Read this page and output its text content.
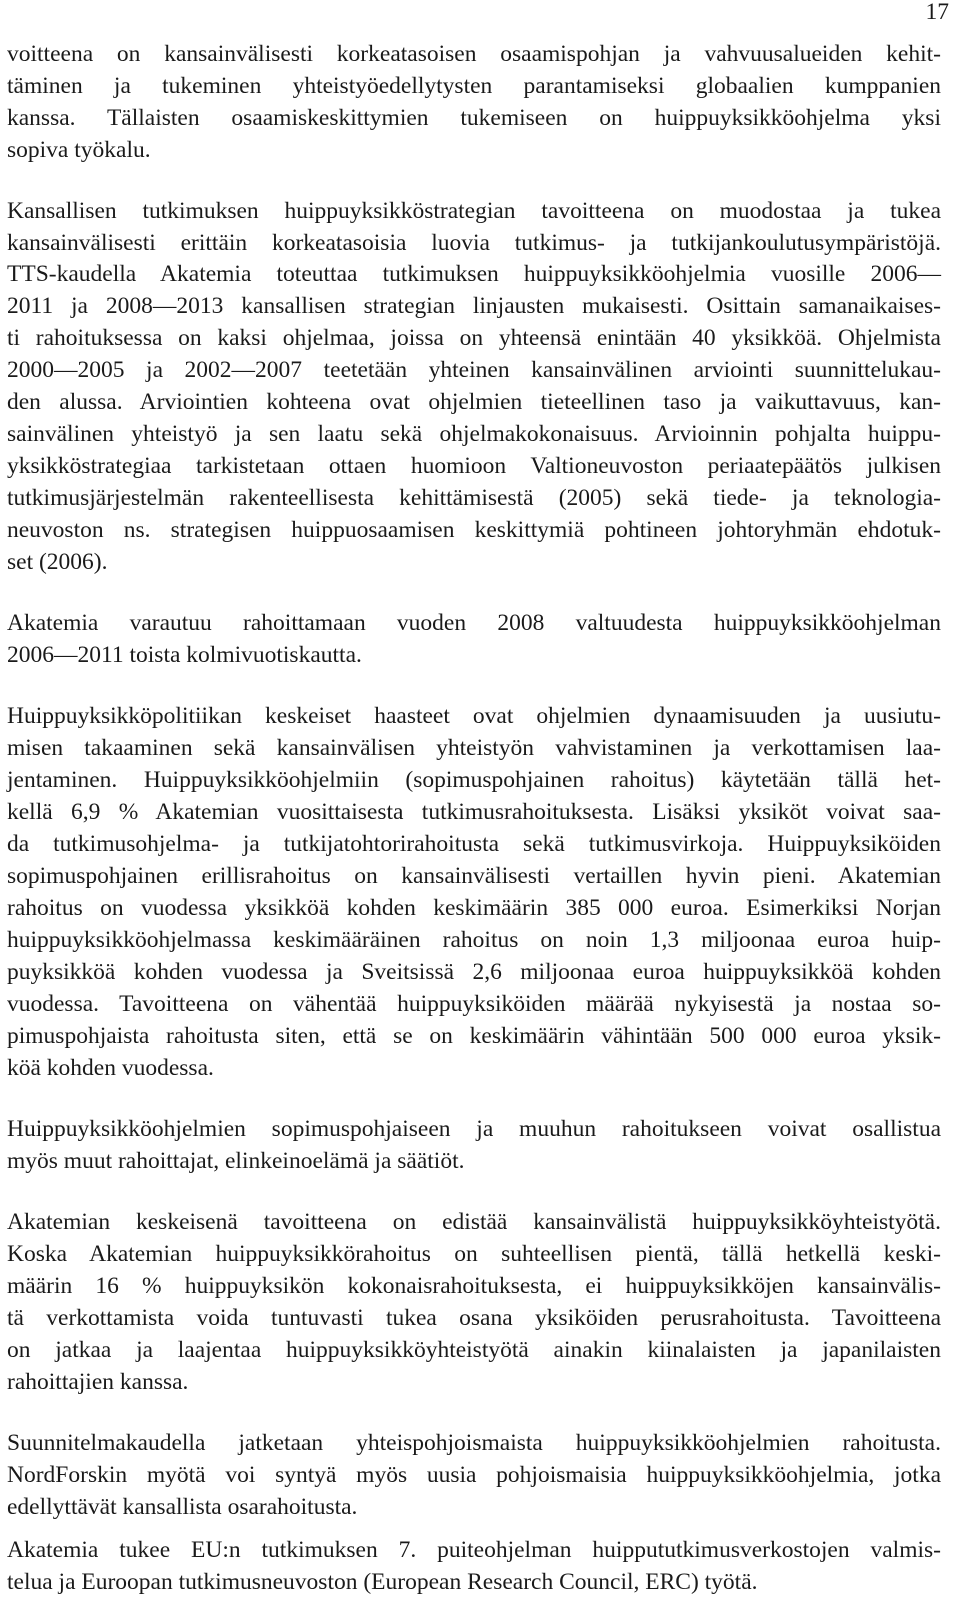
17

voitteena on kansainvälisesti korkeatasoisen osaamispohjan ja vahvuusalueiden kehit-

täminen ja tukeminen yhteistyöedellytysten parantamiseksi globaalien kumppanien

kanssa. Tällaisten osaamiskeskittymien tukemiseen on huippuyksikköohjelma yksi

sopiva työkalu.

Kansallisen tutkimuksen huippuyksikköstrategian tavoitteena on muodostaa ja tukea

kansainvälisesti erittäin korkeatasoisia luovia tutkimus- ja tutkijankoulutusympäristöjä.

TTS-kaudella Akatemia toteuttaa tutkimuksen huippuyksikköohjelmia vuosille 2006—

2011 ja 2008—2013 kansallisen strategian linjausten mukaisesti. Osittain samanaikaises-

ti rahoituksessa on kaksi ohjelmaa, joissa on yhteensä enintään 40 yksikköä. Ohjelmista

2000—2005 ja 2002—2007 teetetään yhteinen kansainvälinen arviointi suunnittelukau-

den alussa. Arviointien kohteena ovat ohjelmien tieteellinen taso ja vaikuttavuus, kan-

sainvälinen yhteistyö ja sen laatu sekä ohjelmakokonaisuus. Arvioinnin pohjalta huippu-

yksikköstrategiaa tarkistetaan ottaen huomioon Valtioneuvoston periaatepäätös julkisen

tutkimusjärjestelmän rakenteellisesta kehittämisestä (2005) sekä tiede- ja teknologia-

neuvoston ns. strategisen huippuosaamisen keskittymiä pohtineen johtoryhmän ehdotuk-

set (2006).

Akatemia varautuu rahoittamaan vuoden 2008 valtuudesta huippuyksikköohjelman

2006—2011 toista kolmivuotiskautta.

Huippuyksikköpolitiikan keskeiset haasteet ovat ohjelmien dynaamisuuden ja uusiutu-

misen takaaminen sekä kansainvälisen yhteistyön vahvistaminen ja verkottamisen laa-

jentaminen. Huippuyksikköohjelmiin (sopimuspohjainen rahoitus) käytetään tällä het-

kellä 6,9 % Akatemian vuosittaisesta tutkimusrahoituksesta. Lisäksi yksiköt voivat saa-

da tutkimusohjelma- ja tutkijatohtorirahoitusta sekä tutkimusvirkoja. Huippuyksiköiden

sopimuspohjainen erillisrahoitus on kansainvälisesti vertaillen hyvin pieni. Akatemian

rahoitus on vuodessa yksikköä kohden keskimäärin 385 000 euroa. Esimerkiksi Norjan

huippuyksikköohjelmassa keskimääräinen rahoitus on noin 1,3 miljoonaa euroa huip-

puyksikköä kohden vuodessa ja Sveitsissä 2,6 miljoonaa euroa huippuyksikköä kohden

vuodessa. Tavoitteena on vähentää huippuyksiköiden määrää nykyisestä ja nostaa so-

pimuspohjaista rahoitusta siten, että se on keskimäärin vähintään 500 000 euroa yksik-

köä kohden vuodessa.

Huippuyksikköohjelmien sopimuspohjaiseen ja muuhun rahoitukseen voivat osallistua

myös muut rahoittajat, elinkeinoelämä ja säätiöt.

Akatemian keskeisenä tavoitteena on edistää kansainvälistä huippuyksikköyhteistyötä.

Koska Akatemian huippuyksikkörahoitus on suhteellisen pientä, tällä hetkellä keski-

määrin 16 % huippuyksikön kokonaisrahoituksesta, ei huippuyksikköjen kansainvälis-

tä verkottamista voida tuntuvasti tukea osana yksiköiden perusrahoitusta. Tavoitteena

on jatkaa ja laajentaa huippuyksikköyhteistyötä ainakin kiinalaisten ja japanilaisten

rahoittajien kanssa.

Suunnitelmakaudella jatketaan yhteispohjoismaista huippuyksikköohjelmien rahoitusta.

NordForskin myötä voi syntyä myös uusia pohjoismaisia huippuyksikköohjelmia, jotka

edellyttävät kansallista osarahoitusta.

Akatemia tukee EU:n tutkimuksen 7. puiteohjelman huippututkimusverkostojen valmis-

telua ja Euroopan tutkimusneuvoston (European Research Council, ERC) työtä.
